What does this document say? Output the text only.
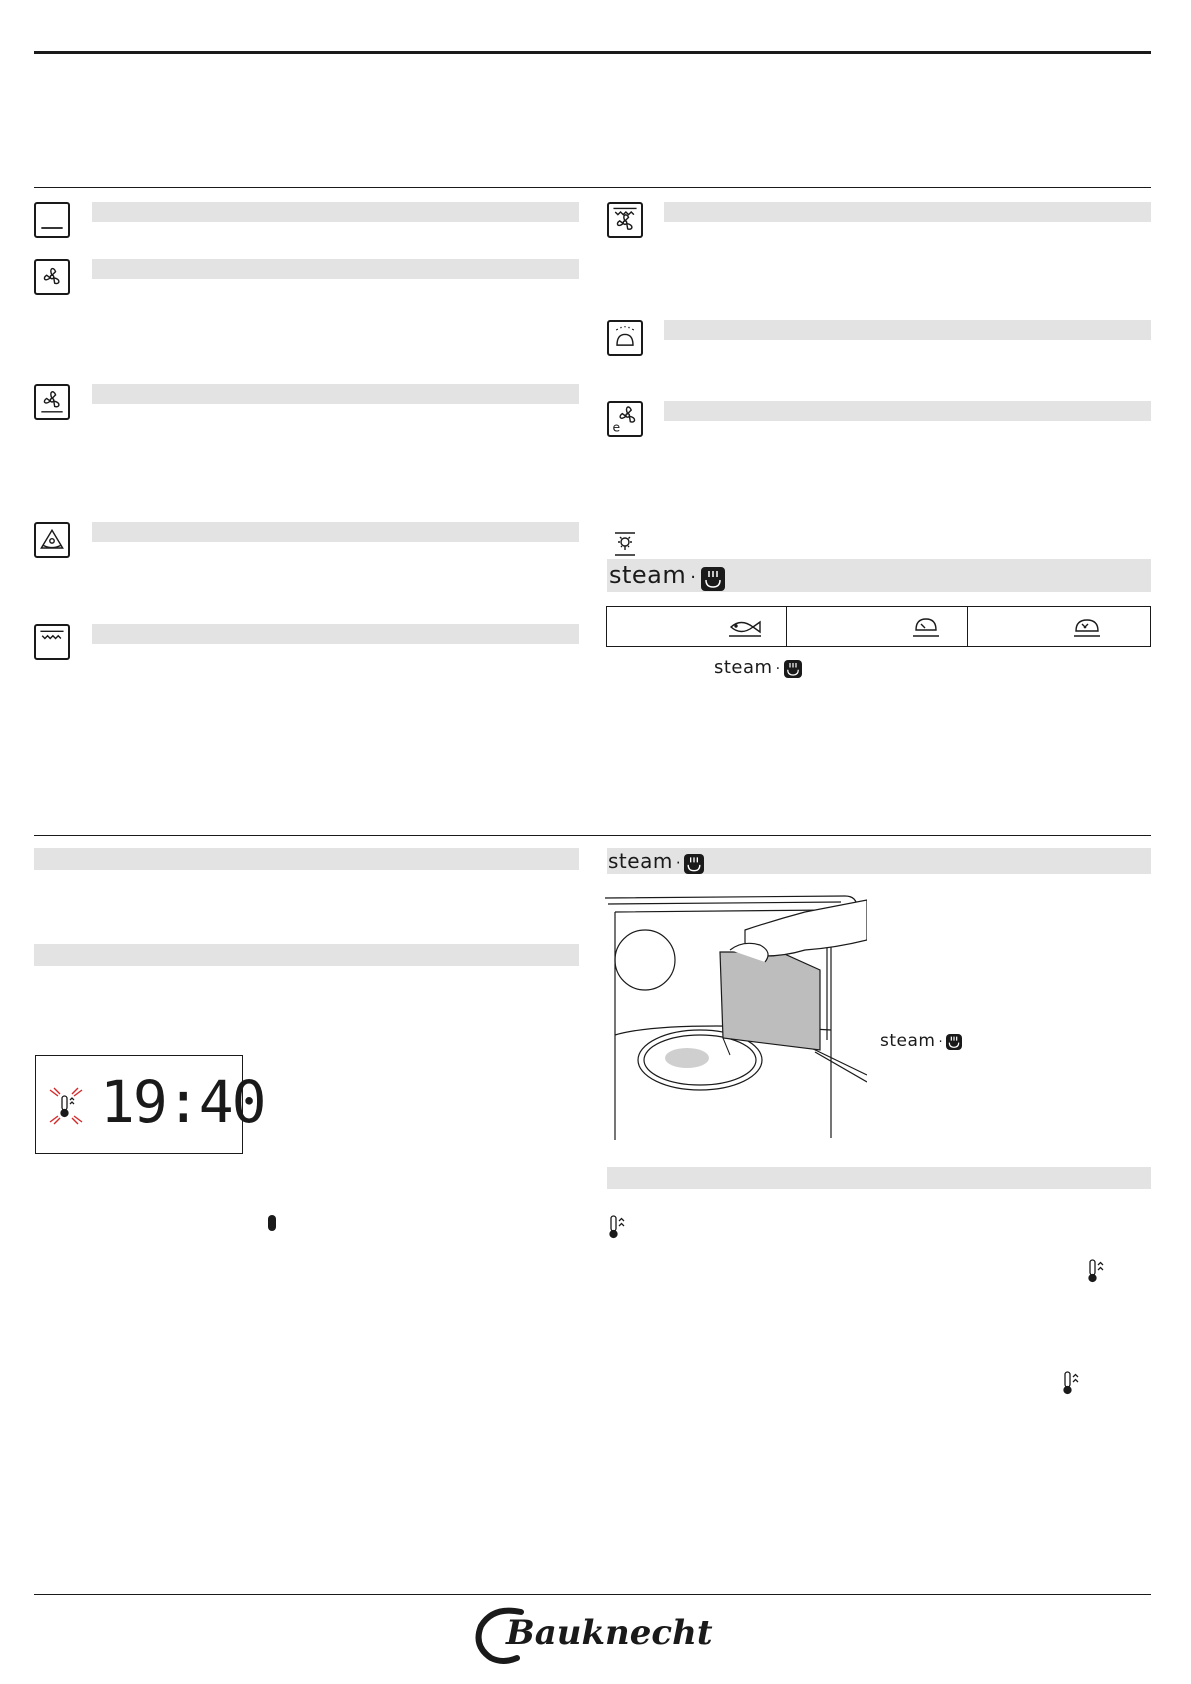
e
steam ·
steam ·
19:40
steam ·
steam ·
Bauknecht
